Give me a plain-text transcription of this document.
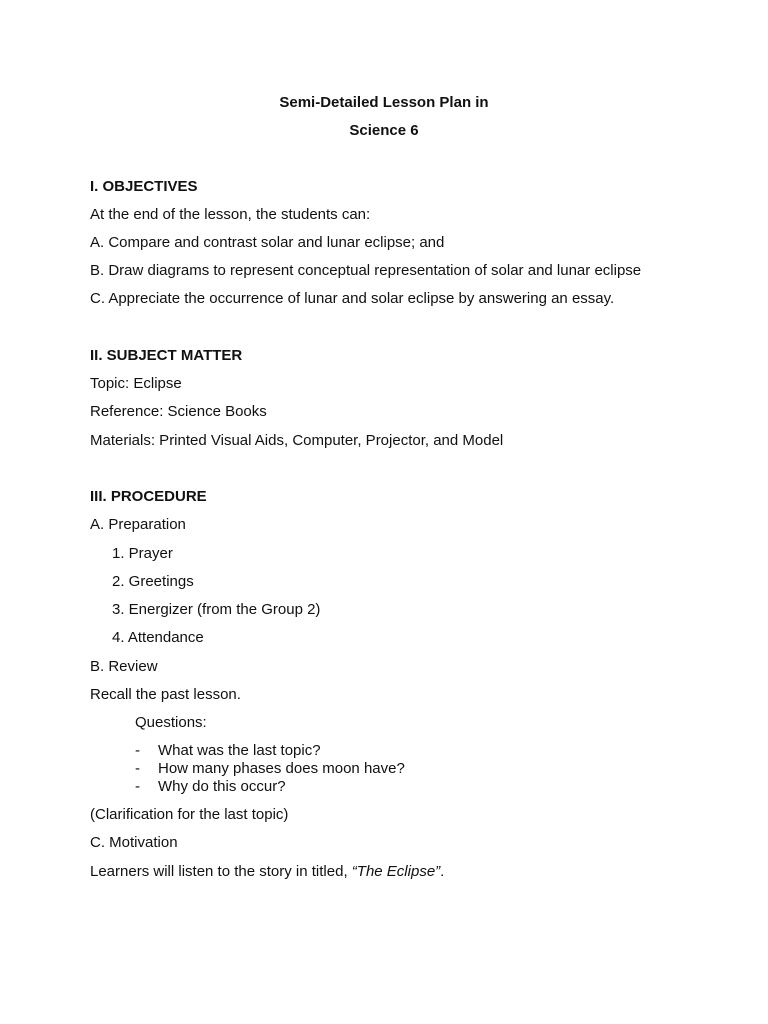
Semi-Detailed Lesson Plan in
Science 6
I. OBJECTIVES
At the end of the lesson, the students can:
A. Compare and contrast solar and lunar eclipse; and
B. Draw diagrams to represent conceptual representation of solar and lunar eclipse
C. Appreciate the occurrence of lunar and solar eclipse by answering an essay.
II. SUBJECT MATTER
Topic: Eclipse
Reference: Science Books
Materials: Printed Visual Aids, Computer, Projector, and Model
III. PROCEDURE
A. Preparation
1. Prayer
2. Greetings
3. Energizer (from the Group 2)
4. Attendance
B. Review
Recall the past lesson.
Questions:
- What was the last topic?
- How many phases does moon have?
- Why do this occur?
(Clarification for the last topic)
C. Motivation
Learners will listen to the story in titled, “The Eclipse”.
